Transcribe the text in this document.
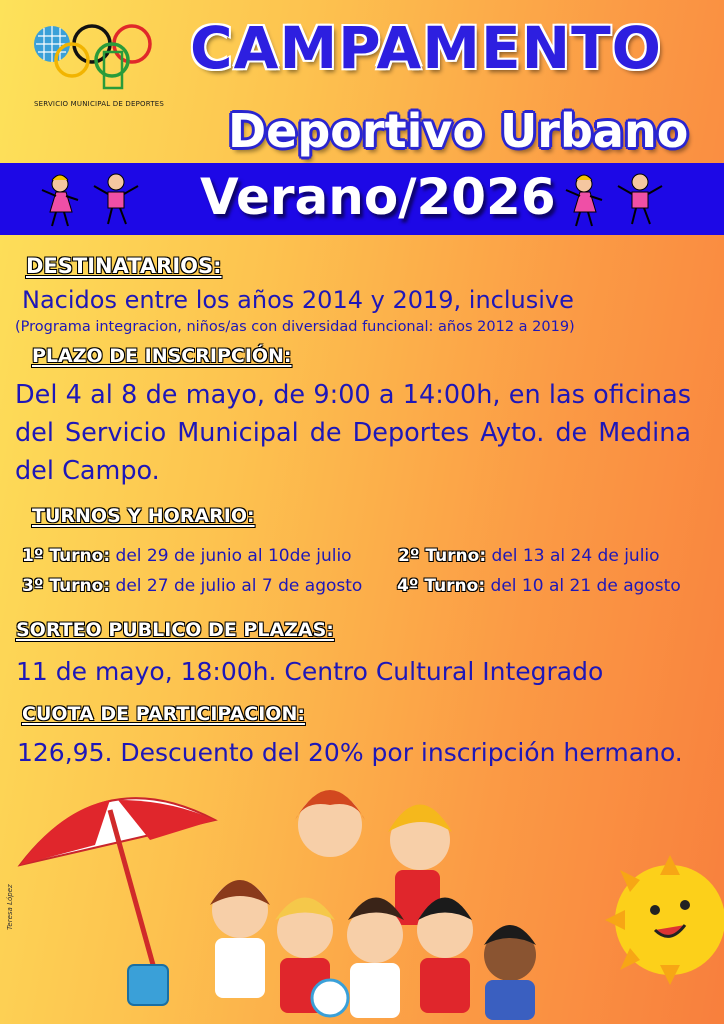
SERVICIO MUNICIPAL DE DEPORTES
CAMPAMENTO
Deportivo Urbano
Verano/2026
DESTINATARIOS:
Nacidos entre los años 2014 y 2019, inclusive
(Programa integracion, niños/as con diversidad funcional: años 2012 a 2019)
PLAZO DE INSCRIPCIÓN:
Del 4 al 8 de mayo, de 9:00 a 14:00h, en las oficinas del Servicio Municipal de Deportes Ayto. de Medina del Campo.
TURNOS Y HORARIO:
1º Turno: del 29 de junio al 10de julio	2º Turno: del 13 al 24 de julio
3º Turno: del 27 de julio al 7 de agosto 4º Turno: del 10 al 21 de agosto
SORTEO PUBLICO DE PLAZAS:
11 de mayo, 18:00h. Centro Cultural Integrado
CUOTA DE PARTICIPACION:
126,95. Descuento del 20% por inscripción hermano.
Teresa López
